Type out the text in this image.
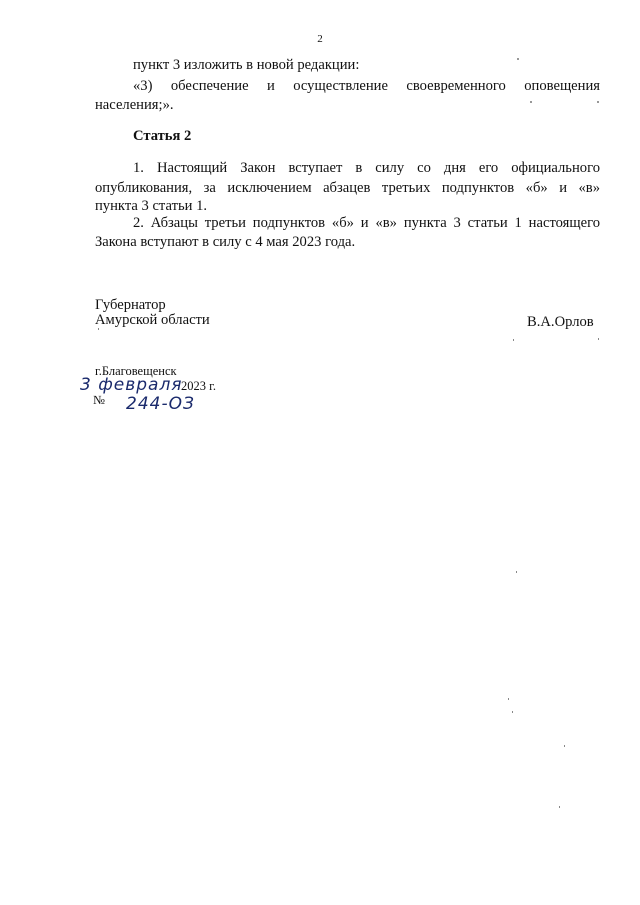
2
пункт 3 изложить в новой редакции:
«3) обеспечение и осуществление своевременного оповещения
населения;».
Статья 2
1. Настоящий Закон вступает в силу со дня его официального
опубликования, за исключением абзацев третьих подпунктов «б» и «в»
пункта 3 статьи 1.
2. Абзацы третьи подпунктов «б» и «в» пункта 3 статьи 1 настоящего
Закона вступают в силу с 4 мая 2023 года.
Губернатор
Амурской области	В.А.Орлов
г.Благовещенск
3 февраля
2023 г.
№ 244-ОЗ
